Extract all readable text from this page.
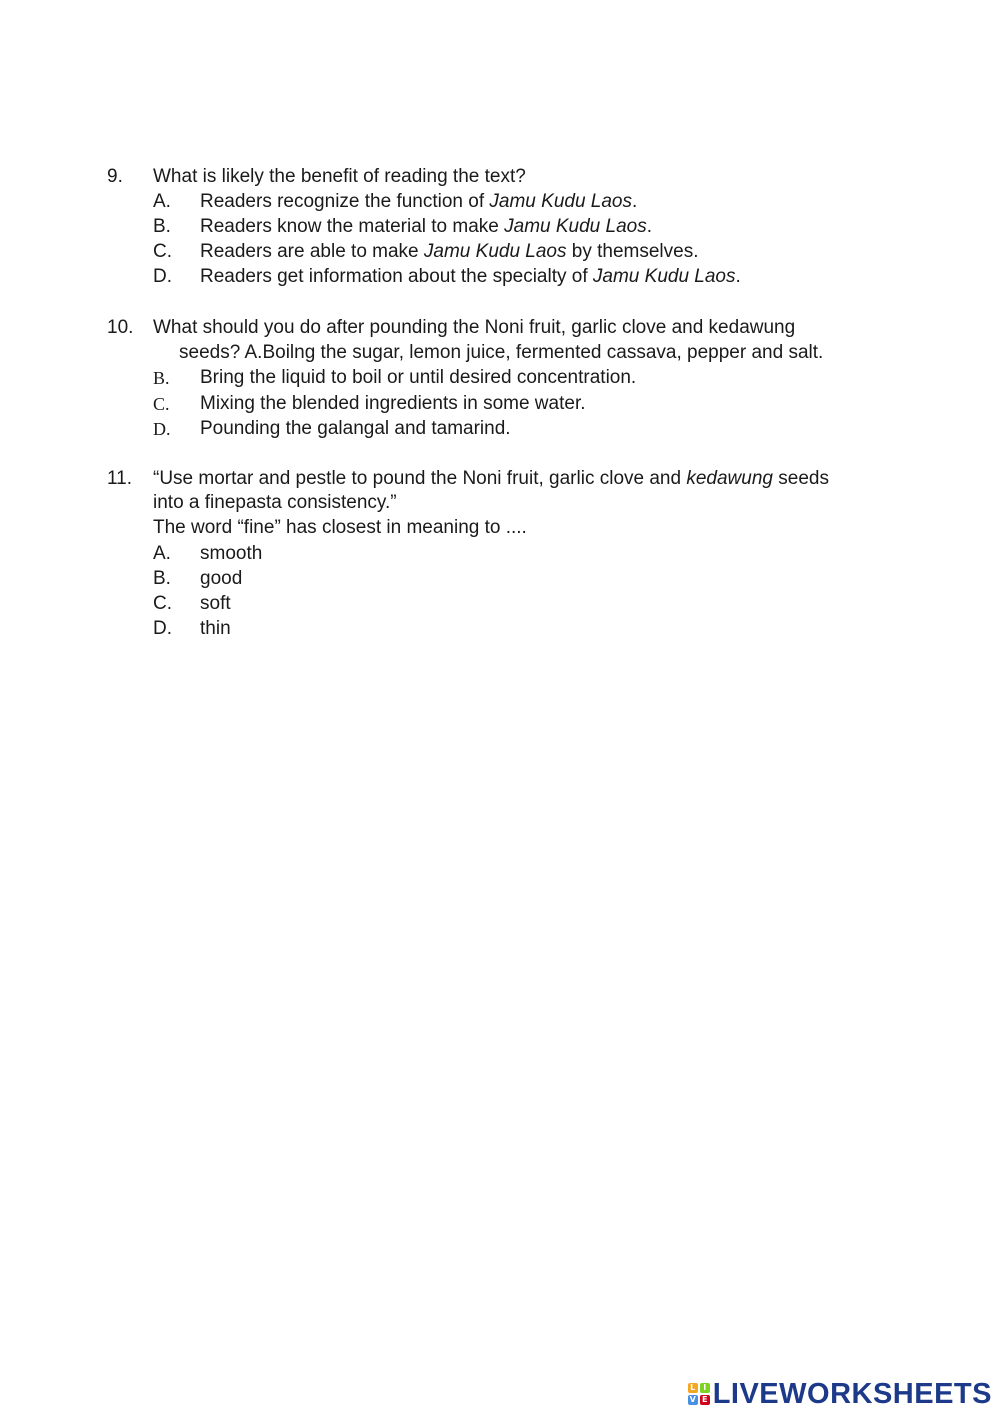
9. What is likely the benefit of reading the text?
A. Readers recognize the function of Jamu Kudu Laos.
B. Readers know the material to make Jamu Kudu Laos.
C. Readers are able to make Jamu Kudu Laos by themselves.
D. Readers get information about the specialty of Jamu Kudu Laos.
10. What should you do after pounding the Noni fruit, garlic clove and kedawung
seeds? A.Boilng the sugar, lemon juice, fermented cassava, pepper and salt.
B. Bring the liquid to boil or until desired concentration.
C. Mixing the blended ingredients in some water.
D. Pounding the galangal and tamarind.
11. “Use mortar and pestle to pound the Noni fruit, garlic clove and kedawung seeds
into a finepasta consistency.”
The word “fine” has closest in meaning to ....
A. smooth
B. good
C. soft
D. thin
L I
V E LIVEWORKSHEETS
